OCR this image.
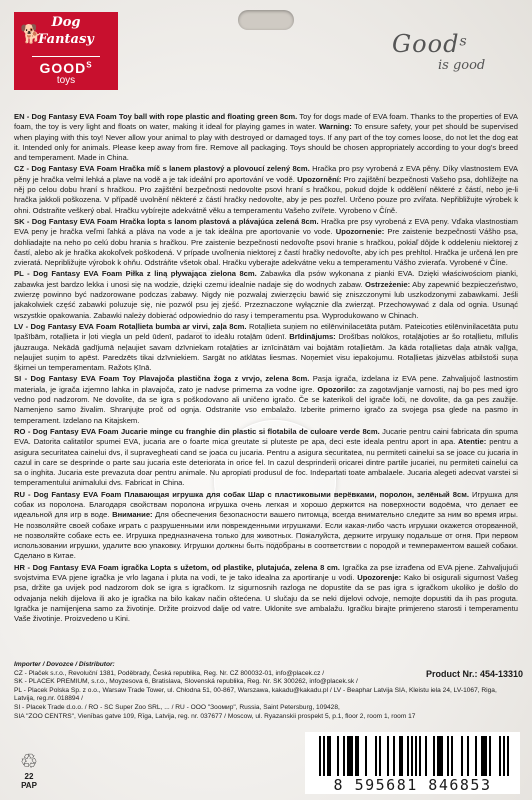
🐕
Dog
Fantasy
$GOOD^S$
toys
Goods
is good

EN - Dog Fantasy EVA Foam Toy ball with rope plastic and floating green 8cm. Toy for dogs made of EVA foam. Thanks to the properties of EVA foam, the toy is very light and floats on water, making it ideal for playing games in water. Warning: To ensure safety, your pet should be supervised when playing with this toy! Never allow your animal to play with destroyed or damaged toys. If any part of the toy comes loose, do not let the dog eat it. Intended only for animals. Please keep away from fire. Remove all packaging. Toys should be chosen appropriately according to your dog's breed and temperament. Made in China.

CZ - Dog Fantasy EVA Foam Hračka míč s lanem plastový a plovoucí zelený 8cm. Hračka pro psy vyrobená z EVA pěny. Díky vlastnostem EVA pěny je hračka velmi lehká a plave na vodě a je tak ideální pro aportování ve vodě. Upozornění: Pro zajištění bezpečnosti Vašeho psa, dohlížejte na něj po celou dobu hraní s hračkou. Pro zajištění bezpečnosti nedovolte psovi hraní s hračkou, pokud dojde k oddělení některé z částí, nebo je-li hračka jakkoli poškozena. V případě uvolnění některé z částí hračky nedovolte, aby je pes pozřel. Určeno pouze pro zvířata. Nepřibližujte výrobek k ohni. Odstraňte veškerý obal. Hračku vybírejte adekvátně věku a temperamentu Vašeho zvířete. Vyrobeno v Číně.

SK - Dog Fantasy EVA Foam Hračka lopta s lanom plastová a plávajúca zelená 8cm. Hračka pre psy vyrobená z EVA peny. Vďaka vlastnostiam EVA peny je hračka veľmi ľahká a pláva na vode a je tak ideálna pre aportovanie vo vode. Upozornenie: Pre zaistenie bezpečnosti Vášho psa, dohliadajte na neho po celú dobu hrania s hračkou. Pre zaistenie bezpečnosti nedovoľte psovi hranie s hračkou, pokiaľ dôjde k oddeleniu niektorej z častí, alebo ak je hračka akokoľvek poškodená. V prípade uvoľnenia niektorej z častí hračky nedovoľte, aby ich pes prehltol. Hračka je určená len pre zvieratá. Nepribližujte výrobok k ohňu. Odstráňte všetok obal. Hračku vyberajte adekvátne veku a temperamentu Vášho zvieraťa. Vyrobené v Číne.

PL - Dog Fantasy EVA Foam Piłka z liną pływająca zielona 8cm. Zabawka dla psów wykonana z pianki EVA. Dzięki właściwościom pianki, zabawka jest bardzo lekka i unosi się na wodzie, dzięki czemu idealnie nadaje się do wodnych zabaw. Ostrzeżenie: Aby zapewnić bezpieczeństwo, zwierzę powinno być nadzorowane podczas zabawy. Nigdy nie pozwalaj zwierzęciu bawić się zniszczonymi lub uszkodzonymi zabawkami. Jeśli jakakolwiek część zabawki poluzuje się, nie pozwól psu jej zjeść. Przeznaczone wyłącznie dla zwierząt. Przechowywać z dala od ognia. Usunąć wszystkie opakowania. Zabawki należy dobierać odpowiednio do rasy i temperamentu psa. Wyprodukowano w Chinach.

LV - Dog Fantasy EVA Foam Rotaļlieta bumba ar virvi, zaļa 8cm. Rotaļlieta suņiem no etilēnvinilacetāta putām. Pateicoties etilēnvinilacetāta putu īpašībām, rotaļlieta ir ļoti viegla un peld ūdenī, padarot to ideālu rotaļām ūdenī. Brīdinājums: Drošības nolūkos, rotaļājoties ar šo rotaļlietu, mīlulis jāuzrauga. Nekādā gadījumā neļaujiet savam dzīvniekam rotaļāties ar iznīcinātām vai bojātām rotaļlietām. Ja kāda rotaļlietas daļa atnāk vaļīga, neļaujiet suņim to apēst. Paredzēts tikai dzīvniekiem. Sargāt no atklātas liesmas. Noņemiet visu iepakojumu. Rotaļlietas jāizvēlas atbilstoši suņa šķirnei un temperamentam. Ražots Ķīnā.

SI - Dog Fantasy EVA Foam Toy Plavajoča plastična žoga z vrvjo, zelena 8cm. Pasja igrača, izdelana iz EVA pene. Zahvaljujoč lastnostim materiala, je igrača izjemno lahka in plavajoča, zato je nadvse primerna za vodne igre. Opozorilo: za zagotavljanje varnosti, naj bo pes med igro vedno pod nadzorom. Ne dovolite, da se igra s poškodovano ali uničeno igračo. Če se katerikoli del igrače loči, ne dovolite, da ga pes zaužije. Namenjeno samo živalim. Shranjujte proč od ognja. Odstranite vso embalažo. Izberite primerno igračo za svojega psa glede na pasmo in temperament. Izdelano na Kitajskem.

RO - Dog Fantasy EVA Foam Jucarie minge cu franghie din plastic si flotabila de culoare verde 8cm. Jucarie pentru caini fabricata din spuma EVA. Datorita calitatilor spumei EVA, jucaria are o foarte mica greutate si pluteste pe apa, deci este ideala pentru aport in apa. Atentie: pentru a asigura securitatea cainelui dvs, il supravegheati cand se joaca cu jucaria. Pentru a asigura securitatea, nu permiteti cainelui sa se joace cu jucaria in cazul in care se desprinde o parte sau jucaria este deteriorata in orice fel. In cazul desprinderii oricarei dintre partile jucariei, nu permiteti cainelui ca sa o inghita. Jucaria este prevazuta doar pentru animale. Nu apropiati produsul de foc. Indepartati toate ambalaele. Jucaria alegeti adecvat varstei si temperamentului animalului dvs. Fabricat in China.

RU - Dog Fantasy EVA Foam Плавающая игрушка для собак Шар с пластиковыми верёвками, поролон, зелёный 8см. Игрушка для собак из поролона. Благодаря свойствам поролона игрушка очень легкая и хорошо держится на поверхности водоёма, что делает ее идеальной для игр в воде. Внимание: Для обеспечения безопасности вашего питомца, всегда внимательно следите за ним во время игры. Не позволяйте своей собаке играть с разрушенными или поврежденными игрушками. Если какая-либо часть игрушки окажется оторванной, не позволяйте собаке есть ее. Игрушка предназначена только для животных. Пожалуйста, держите игрушку подальше от огня. При первом использовании игрушки, удалите всю упаковку. Игрушки должны быть подобраны в соответствии с породой и темпераментом вашей собаки. Сделано в Китае.

HR - Dog Fantasy EVA Foam igračka Lopta s užetom, od plastike, plutajuća, zelena 8 cm. Igračka za pse izrađena od EVA pjene. Zahvaljujući svojstvima EVA pjene igračka je vrlo lagana i pluta na vodi, te je tako idealna za aportiranje u vodi. Upozorenje: Kako bi osigurali sigurnost Vašeg psa, držite ga uvijek pod nadzorom dok se igra s igračkom. Iz sigurnosnih razloga ne dopustite da se pas igra s igračkom ukoliko je došlo do odvajanja nekih dijelova ili ako je igračka na bilo kakav način oštećena. U slučaju da se neki dijelovi odvoje, nemojte dopustiti da ih pas proguta. Igračka je namijenjena samo za životinje. Držite proizvod dalje od vatre. Uklonite sve ambalažu. Igračku birajte primjereno starosti i temperamentu Vaše životinje. Proizvedeno u Kini.

Importer / Dovozce / Distributor:
CZ - Plaček s.r.o., Revoluční 1381, Poděbrady, Česká republika, Reg. Nr. CZ 800032-01, info@placek.cz /
SK - PLACEK PREMIUM, s.r.o., Moyzesova 6, Bratislava, Slovenská republika, Reg. Nr. SK 300262, info@placek.sk /
PL - Placek Polska Sp. z o.o., Warsaw Trade Tower, ul. Chłodna 51, 00-867, Warszawa, kakadu@kakadu.pl / LV - Beaphar Latvija SIA, Kleistu iela 24, LV-1067, Riga, Latvija, reg.nr. 018894 /
SI - Placek Trade d.o.o. / RO - SC Super Zoo SRL, ... / RU - ООО "Зоомир", Russia, Saint Petersburg, 109428,
SIA "ZOO CENTRS", Vienības gatve 109, Rīga, Latvija, reg. nr. 037677 / Moscow, ul. Ryazanskii prospekt 5, p.1, floor 2, room 1, room 17
Product Nr.: 454-13310
♲
22
PAP	8 595681 846853
